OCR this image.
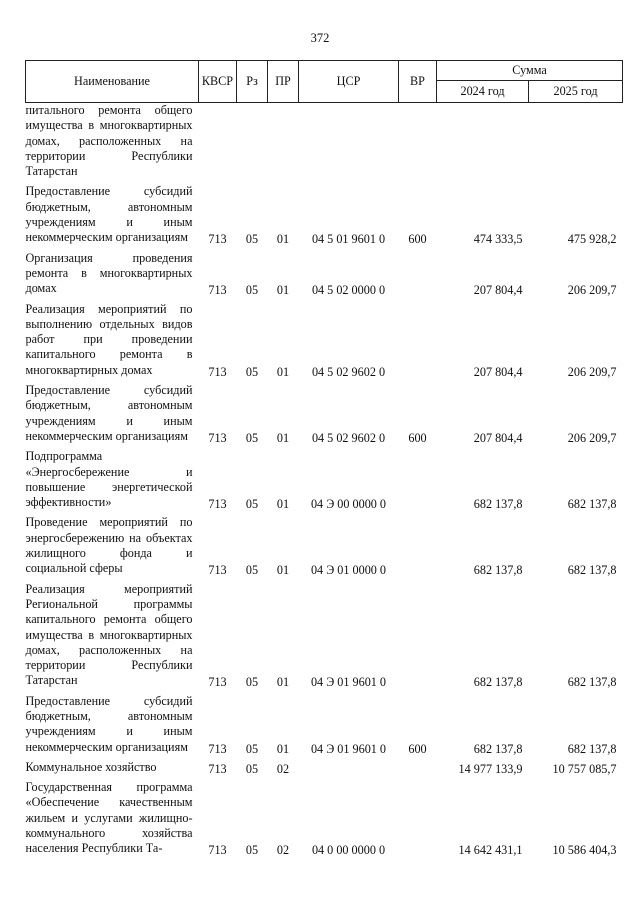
372
Наименование	КВСР	Рз	ПР	ЦСР	ВР	Сумма	
						2024 год	2025 год
питального ремонта общего имущества в многоквартирных домах, расположенных на территории Республики Татарстан							
Предоставление субсидий бюджетным, автономным учреждениям и иным некоммерческим организациям	713	05	01	04 5 01 9601 0	600	474 333,5	475 928,2
Организация проведения ремонта в многоквартирных домах	713	05	01	04 5 02 0000 0		207 804,4	206 209,7
Реализация мероприятий по выполнению отдельных видов работ при проведении капитального ремонта в многоквартирных домах	713	05	01	04 5 02 9602 0		207 804,4	206 209,7
Предоставление субсидий бюджетным, автономным учреждениям и иным некоммерческим организациям	713	05	01	04 5 02 9602 0	600	207 804,4	206 209,7
Подпрограмма «Энергосбережение и повышение энергетической эффективности»	713	05	01	04 Э 00 0000 0		682 137,8	682 137,8
Проведение мероприятий по энергосбережению на объектах жилищного фонда и социальной сферы	713	05	01	04 Э 01 0000 0		682 137,8	682 137,8
Реализация мероприятий Региональной программы капитального ремонта общего имущества в многоквартирных домах, расположенных на территории Республики Татарстан	713	05	01	04 Э 01 9601 0		682 137,8	682 137,8
Предоставление субсидий бюджетным, автономным учреждениям и иным некоммерческим организациям	713	05	01	04 Э 01 9601 0	600	682 137,8	682 137,8
Коммунальное хозяйство	713	05	02			14 977 133,9	10 757 085,7
Государственная программа «Обеспечение качественным жильем и услугами жилищно-коммунального хозяйства населения Республики Та-	713	05	02	04 0 00 0000 0		14 642 431,1	10 586 404,3
